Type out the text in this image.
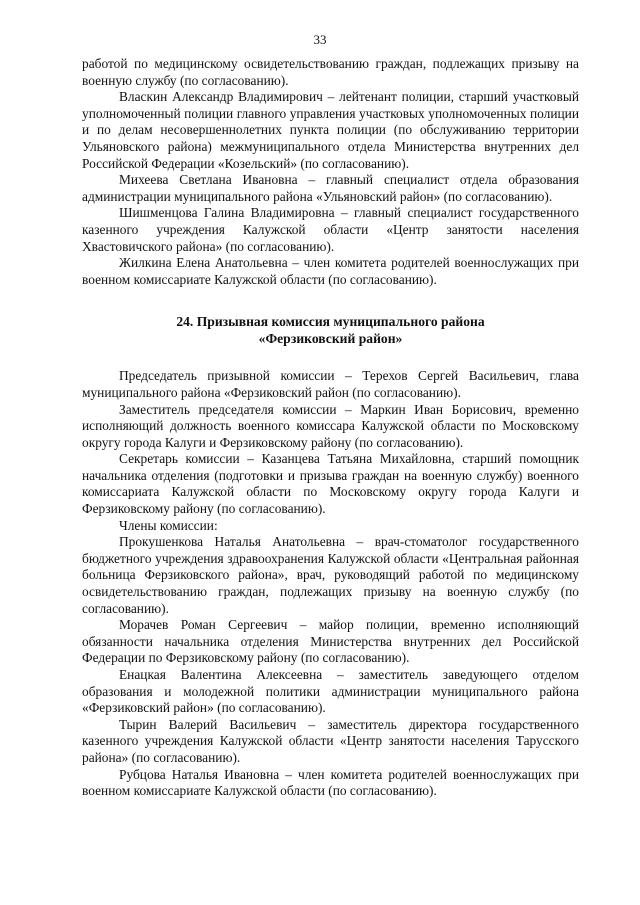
33

работой по медицинскому освидетельствованию граждан, подлежащих призыву на военную службу (по согласованию).

Власкин Александр Владимирович – лейтенант полиции, старший участковый уполномоченный полиции главного управления участковых уполномоченных полиции и по делам несовершеннолетних пункта полиции (по обслуживанию территории Ульяновского района) межмуниципального отдела Министерства внутренних дел Российской Федерации «Козельский» (по согласованию).

Михеева Светлана Ивановна – главный специалист отдела образования администрации муниципального района «Ульяновский район» (по согласованию).

Шишменцова Галина Владимировна – главный специалист государственного казенного учреждения Калужской области «Центр занятости населения Хвастовичского района» (по согласованию).

Жилкина Елена Анатольевна – член комитета родителей военнослужащих при военном комиссариате Калужской области (по согласованию).

24. Призывная комиссия муниципального района

«Ферзиковский район»

Председатель призывной комиссии – Терехов Сергей Васильевич, глава муниципального района «Ферзиковский район (по согласованию).

Заместитель председателя комиссии – Маркин Иван Борисович, временно исполняющий должность военного комиссара Калужской области по Московскому округу города Калуги и Ферзиковскому району (по согласованию).

Секретарь комиссии – Казанцева Татьяна Михайловна, старший помощник начальника отделения (подготовки и призыва граждан на военную службу) военного комиссариата Калужской области по Московскому округу города Калуги и Ферзиковскому району (по согласованию).

Члены комиссии:

Прокушенкова Наталья Анатольевна – врач-стоматолог государственного бюджетного учреждения здравоохранения Калужской области «Центральная районная больница Ферзиковского района», врач, руководящий работой по медицинскому освидетельствованию граждан, подлежащих призыву на военную службу (по согласованию).

Морачев Роман Сергеевич – майор полиции, временно исполняющий обязанности начальника отделения Министерства внутренних дел Российской Федерации по Ферзиковскому району (по согласованию).

Енацкая Валентина Алексеевна – заместитель заведующего отделом образования и молодежной политики администрации муниципального района «Ферзиковский район» (по согласованию).

Тырин Валерий Васильевич – заместитель директора государственного казенного учреждения Калужской области «Центр занятости населения Тарусского района» (по согласованию).

Рубцова Наталья Ивановна – член комитета родителей военнослужащих при военном комиссариате Калужской области (по согласованию).
